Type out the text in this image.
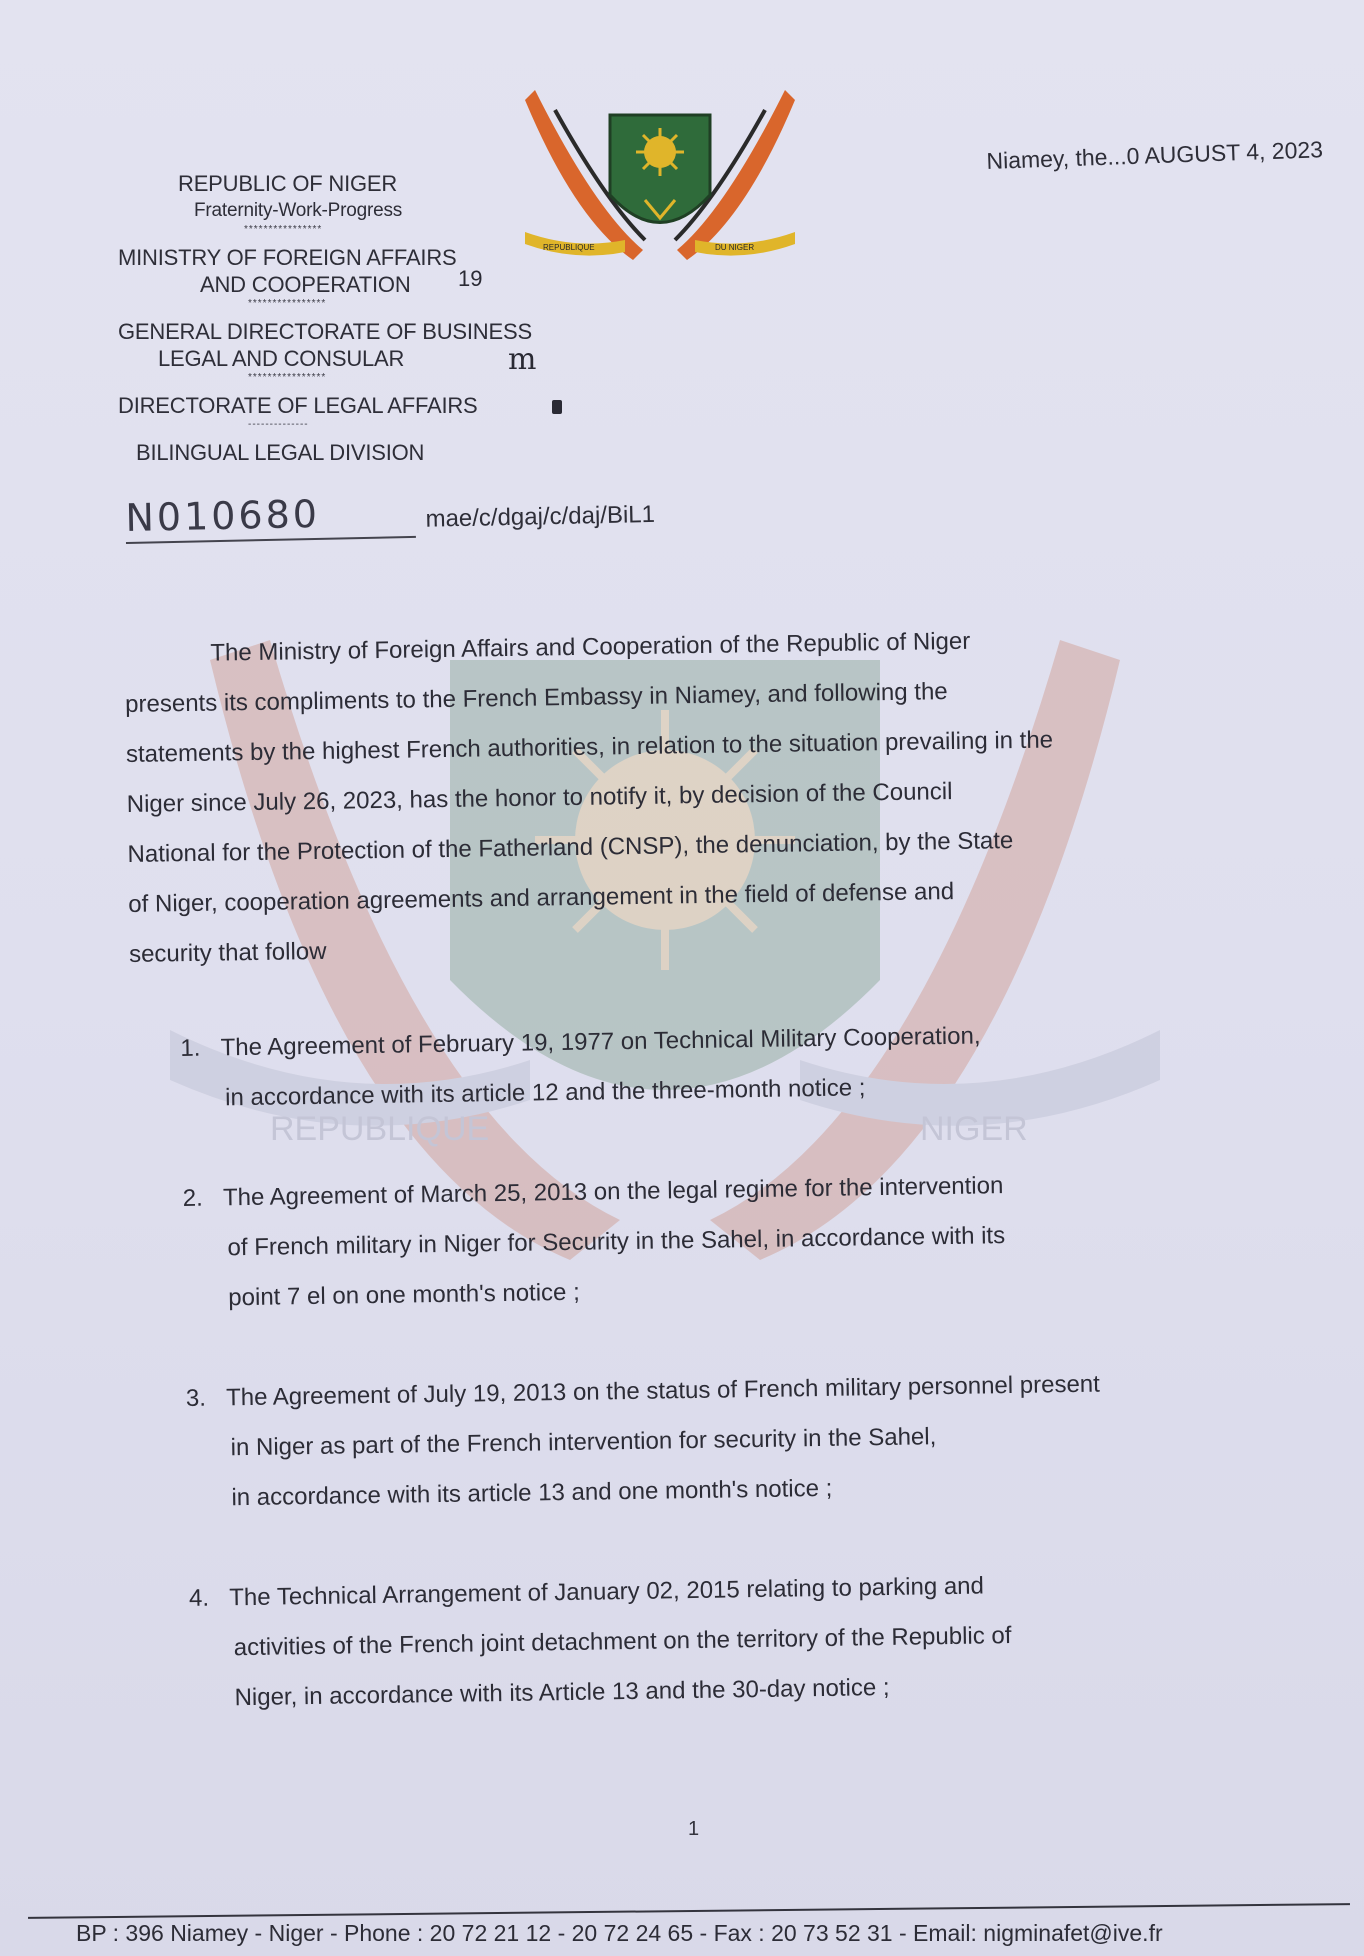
REPUBLIQUE	NIGER
REPUBLIC OF NIGER
Fraternity-Work-Progress
****************
MINISTRY OF FOREIGN AFFAIRS
AND COOPERATION
****************
GENERAL DIRECTORATE OF BUSINESS
LEGAL AND CONSULAR
****************
DIRECTORATE OF LEGAL AFFAIRS
--------------
BILINGUAL LEGAL DIVISION
19
m
REPUBLIQUE	DU NIGER
Niamey, the...0 AUGUST 4, 2023
N010680	mae/c/dgaj/c/daj/BiL1
The Ministry of Foreign Affairs and Cooperation of the Republic of Niger
presents its compliments to the French Embassy in Niamey, and following the
statements by the highest French authorities, in relation to the situation prevailing in the
Niger since July 26, 2023, has the honor to notify it, by decision of the Council
National for the Protection of the Fatherland (CNSP), the denunciation, by the State
of Niger, cooperation agreements and arrangement in the field of defense and
security that follow
1. The Agreement of February 19, 1977 on Technical Military Cooperation,
in accordance with its article 12 and the three-month notice ;
2. The Agreement of March 25, 2013 on the legal regime for the intervention
of French military in Niger for Security in the Sahel, in accordance with its
point 7 el on one month's notice ;
3. The Agreement of July 19, 2013 on the status of French military personnel present
in Niger as part of the French intervention for security in the Sahel,
in accordance with its article 13 and one month's notice ;
4. The Technical Arrangement of January 02, 2015 relating to parking and
activities of the French joint detachment on the territory of the Republic of
Niger, in accordance with its Article 13 and the 30-day notice ;
1
BP : 396 Niamey - Niger - Phone : 20 72 21 12 - 20 72 24 65 - Fax : 20 73 52 31 - Email: nigminafet@ive.fr
